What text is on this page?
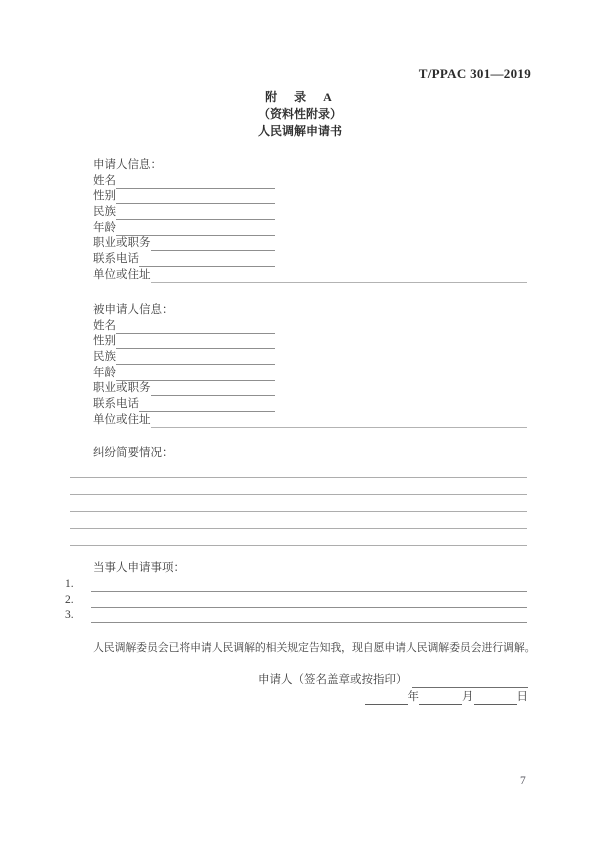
T/PPAC 301—2019
附 录 A
（资料性附录）
人民调解申请书
申请人信息：
姓名
性别
民族
年龄
职业或职务
联系电话
单位或住址
被申请人信息：
姓名
性别
民族
年龄
职业或职务
联系电话
单位或住址
纠纷简要情况：
当事人申请事项：
1.
2.
3.
人民调解委员会已将申请人民调解的相关规定告知我，现自愿申请人民调解委员会进行调解。
申请人（签名盖章或按指印）
年	月	日
7
